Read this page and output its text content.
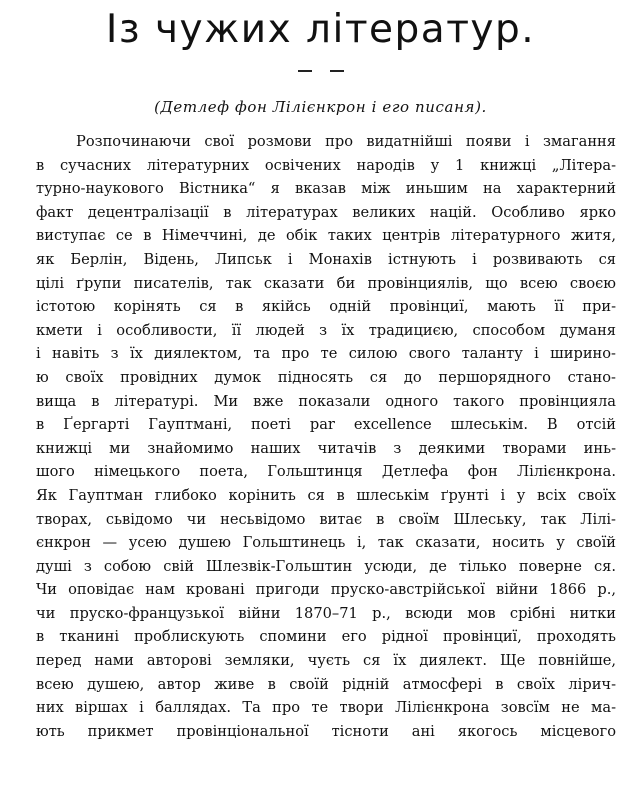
Із чужих літератур.
(Детлеф фон Лілієнкрон і его писаня).
Розпочинаючи свої розмови про видатнійші появи і змагання
в сучасних літературних освічених народів у 1 книжці „Літера-
турно-наукового Вістника“ я вказав між иньшим на характерний
факт децентралізації в літературах великих націй. Особливо ярко
виступає се в Німеччині, де обік таких центрів літературного житя,
як Берлін, Відень, Липськ і Монахів істнують і розвивають ся
цілі ґрупи писателів, так сказати би провінциялів, що всею своєю
істотою корінять ся в якійсь одній провінциї, мають її при-
кмети і особливости, її людей з їх традициєю, способом думаня
і навіть з їх диялектом, та про те силою свого таланту і ширино-
ю своїх провідних думок підносять ся до першорядного стано-
вища в літературі. Ми вже показали одного такого провінцияла
в Ґергарті Гауптмані, поеті par excellence шлеськім. В отсій
книжці ми знайомимо наших читачів з деякими творами инь-
шого німецького поета, Гольштинця Детлефа фон Лілієнкрона.
Як Гауптман глибоко корінить ся в шлеськім ґрунті і у всіх своїх
творах, сьвідомо чи несьвідомо витає в своїм Шлеську, так Лілі-
єнкрон — усею душею Гольштинець і, так сказати, носить у своїй
душі з собою свій Шлезвік-Гольштин усюди, де тілько поверне ся.
Чи оповідає нам кровані пригоди пруско-австрійської війни 1866 р.,
чи пруско-французької війни 1870–71 р., всюди мов срібні нитки
в тканині проблискують спомини его рідної провінциї, проходять
перед нами авторові земляки, чуєть ся їх диялект. Ще повнійше,
всею душею, автор живе в своїй рідній атмосфері в своїх лірич-
них віршах і баллядах. Та про те твори Лілієнкрона зовсїм не ма-
ють прикмет провінціональної тісноти ані якогось місцевого
